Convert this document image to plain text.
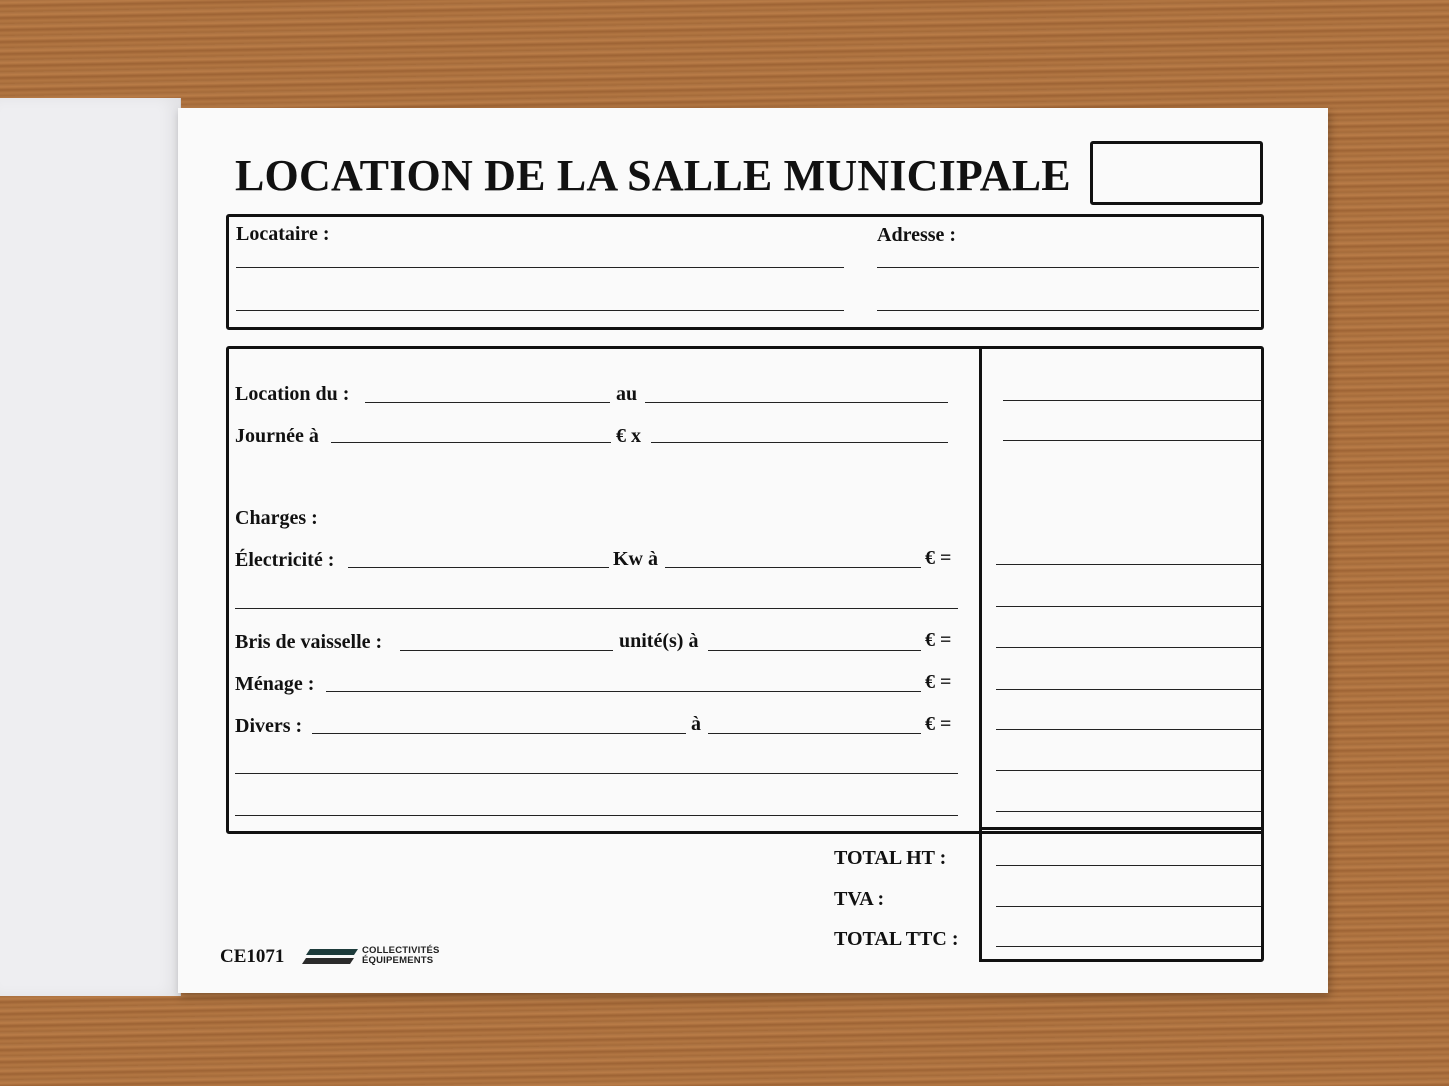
LOCATION DE LA SALLE MUNICIPALE
Locataire :	Adresse :
Location du :	au
Journée à	€ x
Charges :
Électricité :	Kw à	€ =
Bris de vaisselle :	unité(s) à	€ =
Ménage :	€ =
Divers :	à	€ =
TOTAL HT :
TVA :
TOTAL TTC :
CE1071	COLLECTIVITÉS
ÉQUIPEMENTS
